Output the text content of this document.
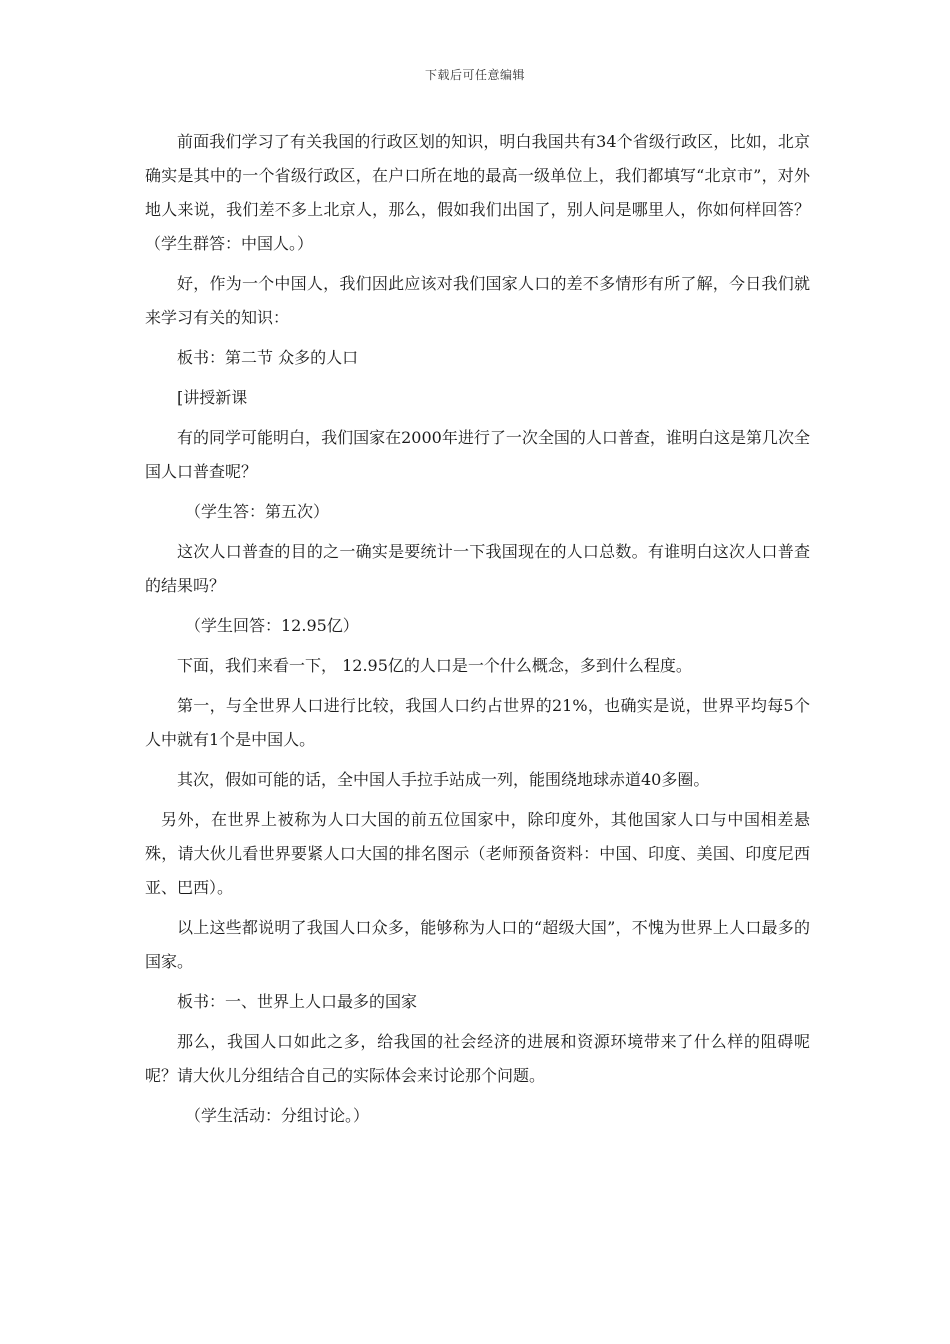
下载后可任意编辑

前面我们学习了有关我国的行政区划的知识，明白我国共有34个省级行政区，比如，北京确实是其中的一个省级行政区，在户口所在地的最高一级单位上，我们都填写“北京市”，对外地人来说，我们差不多上北京人，那么，假如我们出国了，别人问是哪里人，你如何样回答？（学生群答：中国人。）

好，作为一个中国人，我们因此应该对我们国家人口的差不多情形有所了解，今日我们就来学习有关的知识：

板书：第二节 众多的人口

[讲授新课

有的同学可能明白，我们国家在2000年进行了一次全国的人口普查，谁明白这是第几次全国人口普查呢？

（学生答：第五次）

这次人口普查的目的之一确实是要统计一下我国现在的人口总数。有谁明白这次人口普查的结果吗？

（学生回答：12.95亿）

下面，我们来看一下， 12.95亿的人口是一个什么概念，多到什么程度。

第一，与全世界人口进行比较，我国人口约占世界的21%，也确实是说，世界平均每5个人中就有1个是中国人。

其次，假如可能的话，全中国人手拉手站成一列，能围绕地球赤道40多圈。

另外，在世界上被称为人口大国的前五位国家中，除印度外，其他国家人口与中国相差悬殊，请大伙儿看世界要紧人口大国的排名图示（老师预备资料：中国、印度、美国、印度尼西亚、巴西）。

以上这些都说明了我国人口众多，能够称为人口的“超级大国”，不愧为世界上人口最多的国家。

板书：一、世界上人口最多的国家

那么，我国人口如此之多，给我国的社会经济的进展和资源环境带来了什么样的阻碍呢呢？请大伙儿分组结合自己的实际体会来讨论那个问题。

（学生活动：分组讨论。）
